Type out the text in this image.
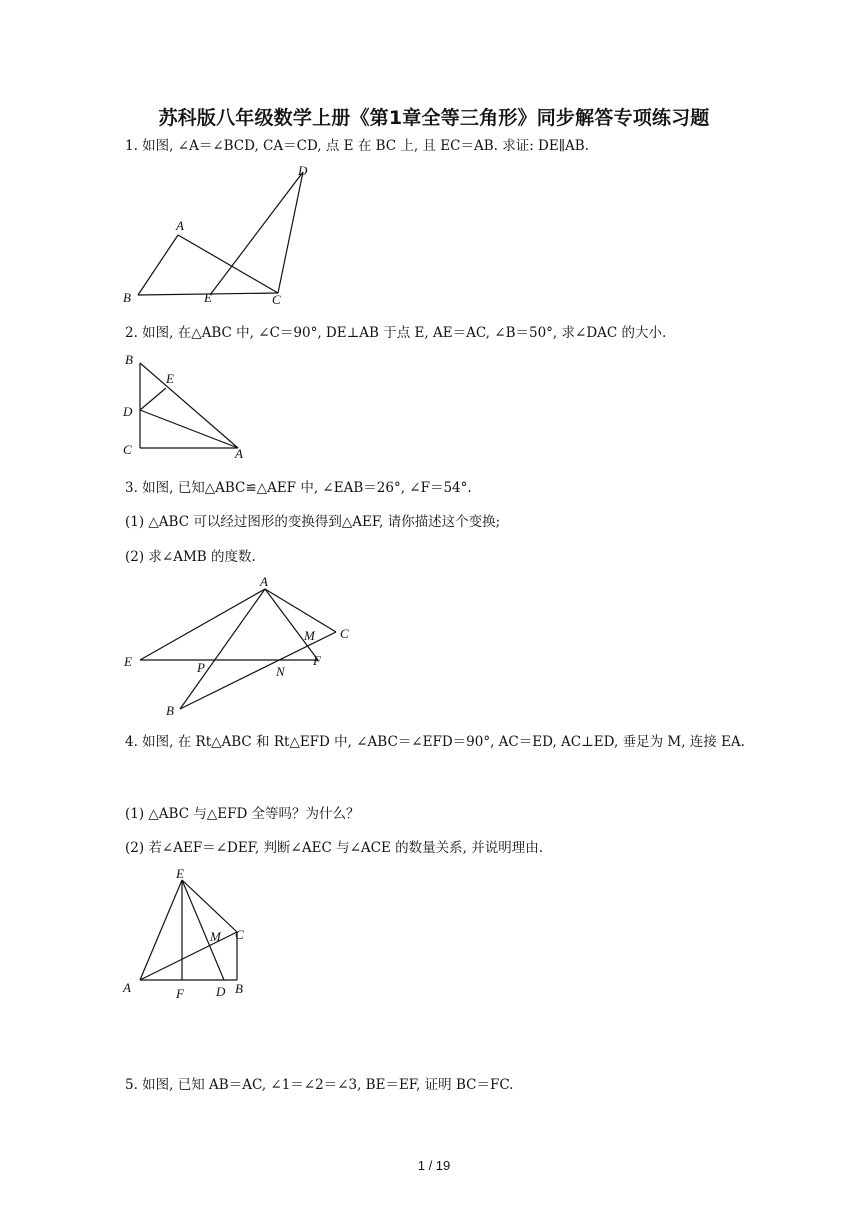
苏科版八年级数学上册《第1章全等三角形》同步解答专项练习题
1. 如图, ∠A＝∠BCD, CA＝CD, 点 E 在 BC 上, 且 EC＝AB. 求证: DE∥AB.
D
A
B	E	C
2. 如图, 在△ABC 中, ∠C＝90°, DE⊥AB 于点 E, AE＝AC, ∠B＝50°, 求∠DAC 的大小.
B
E
D
C	A
3. 如图, 已知△ABC≌△AEF 中, ∠EAB＝26°, ∠F＝54°.
(1) △ABC 可以经过图形的变换得到△AEF, 请你描述这个变换;
(2) 求∠AMB 的度数.
A
M C
E	P	N
F
B
4. 如图, 在 Rt△ABC 和 Rt△EFD 中, ∠ABC＝∠EFD＝90°, AC＝ED, AC⊥ED, 垂足为 M, 连接 EA.
(1) △ABC 与△EFD 全等吗？为什么？
(2) 若∠AEF＝∠DEF, 判断∠AEC 与∠ACE 的数量关系, 并说明理由.
E
M C
A	F D B
5. 如图, 已知 AB＝AC, ∠1＝∠2＝∠3, BE＝EF, 证明 BC＝FC.
1 / 19
